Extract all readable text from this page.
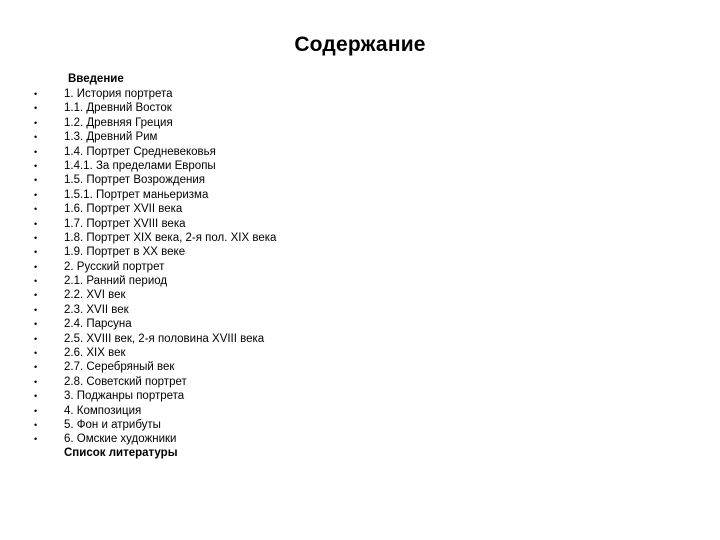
Содержание
Введение
• 1. История портрета
• 1.1. Древний Восток
• 1.2. Древняя Греция
• 1.3. Древний Рим
• 1.4. Портрет Средневековья
• 1.4.1. За пределами Европы
• 1.5. Портрет Возрождения
• 1.5.1. Портрет маньеризма
• 1.6. Портрет XVII века
• 1.7. Портрет XVIII века
• 1.8. Портрет XIX века, 2-я пол. XIX века
• 1.9. Портрет в XX веке
• 2. Русский портрет
• 2.1. Ранний период
• 2.2. XVI век
• 2.3. XVII век
• 2.4. Парсуна
• 2.5. XVIII век, 2-я половина XVIII века
• 2.6. XIX век
• 2.7. Серебряный век
• 2.8. Советский портрет
• 3. Поджанры портрета
• 4. Композиция
• 5. Фон и атрибуты
• 6. Омские художники
Список литературы
